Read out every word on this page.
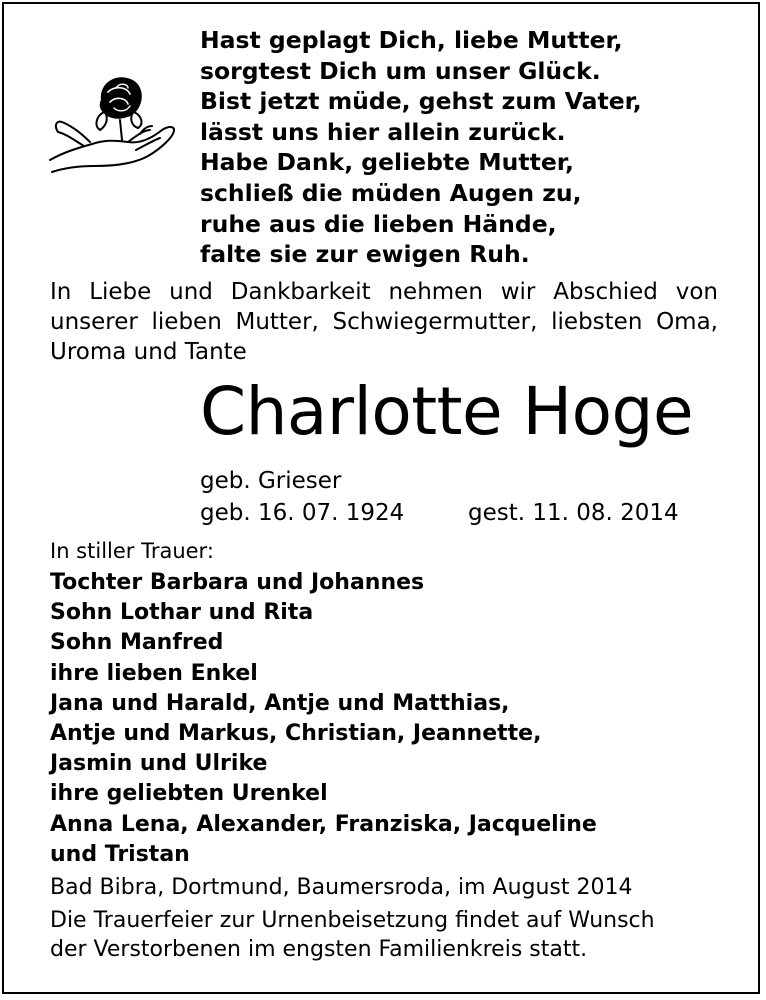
Hast geplagt Dich, liebe Mutter,
sorgtest Dich um unser Glück.
Bist jetzt müde, gehst zum Vater,
lässt uns hier allein zurück.
Habe Dank, geliebte Mutter,
schließ die müden Augen zu,
ruhe aus die lieben Hände,
falte sie zur ewigen Ruh.
In Liebe und Dankbarkeit nehmen wir Abschied von
unserer lieben Mutter, Schwiegermutter, liebsten Oma,
Uroma und Tante
Charlotte Hoge
geb. Grieser
geb. 16. 07. 1924	gest. 11. 08. 2014
In stiller Trauer:
Tochter Barbara und Johannes
Sohn Lothar und Rita
Sohn Manfred
ihre lieben Enkel
Jana und Harald, Antje und Matthias,
Antje und Markus, Christian, Jeannette,
Jasmin und Ulrike
ihre geliebten Urenkel
Anna Lena, Alexander, Franziska, Jacqueline
und Tristan
Bad Bibra, Dortmund, Baumersroda, im August 2014
Die Trauerfeier zur Urnenbeisetzung findet auf Wunsch
der Verstorbenen im engsten Familienkreis statt.
